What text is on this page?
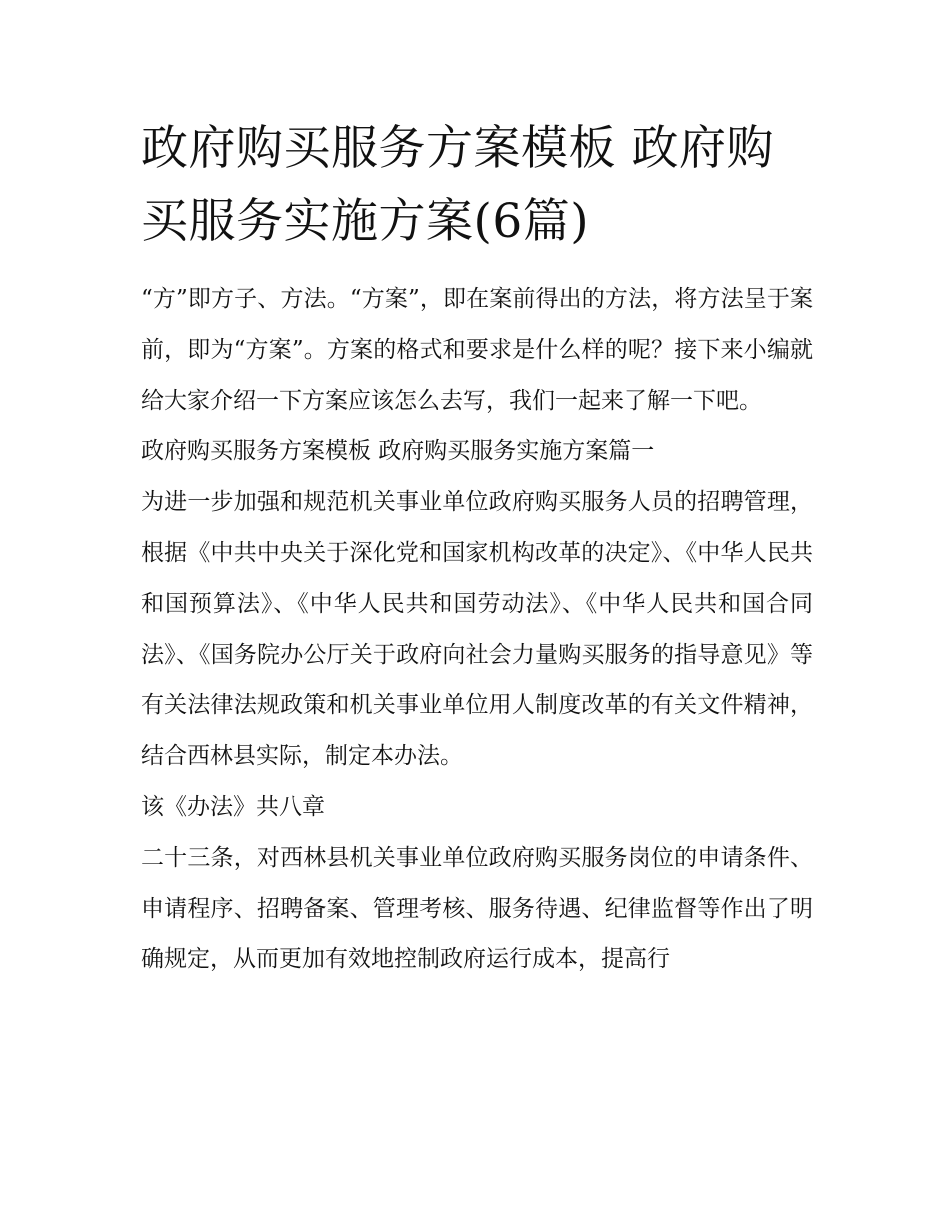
政府购买服务方案模板 政府购买服务实施方案(6篇)

“方”即方子、方法。“方案”，即在案前得出的方法，将方法呈于案前，即为“方案”。方案的格式和要求是什么样的呢？接下来小编就给大家介绍一下方案应该怎么去写，我们一起来了解一下吧。

政府购买服务方案模板 政府购买服务实施方案篇一

为进一步加强和规范机关事业单位政府购买服务人员的招聘管理，根据《中共中央关于深化党和国家机构改革的决定》、《中华人民共和国预算法》、《中华人民共和国劳动法》、《中华人民共和国合同法》、《国务院办公厅关于政府向社会力量购买服务的指导意见》等有关法律法规政策和机关事业单位用人制度改革的有关文件精神，结合西林县实际，制定本办法。

该《办法》共八章

二十三条，对西林县机关事业单位政府购买服务岗位的申请条件、申请程序、招聘备案、管理考核、服务待遇、纪律监督等作出了明确规定，从而更加有效地控制政府运行成本，提高行
